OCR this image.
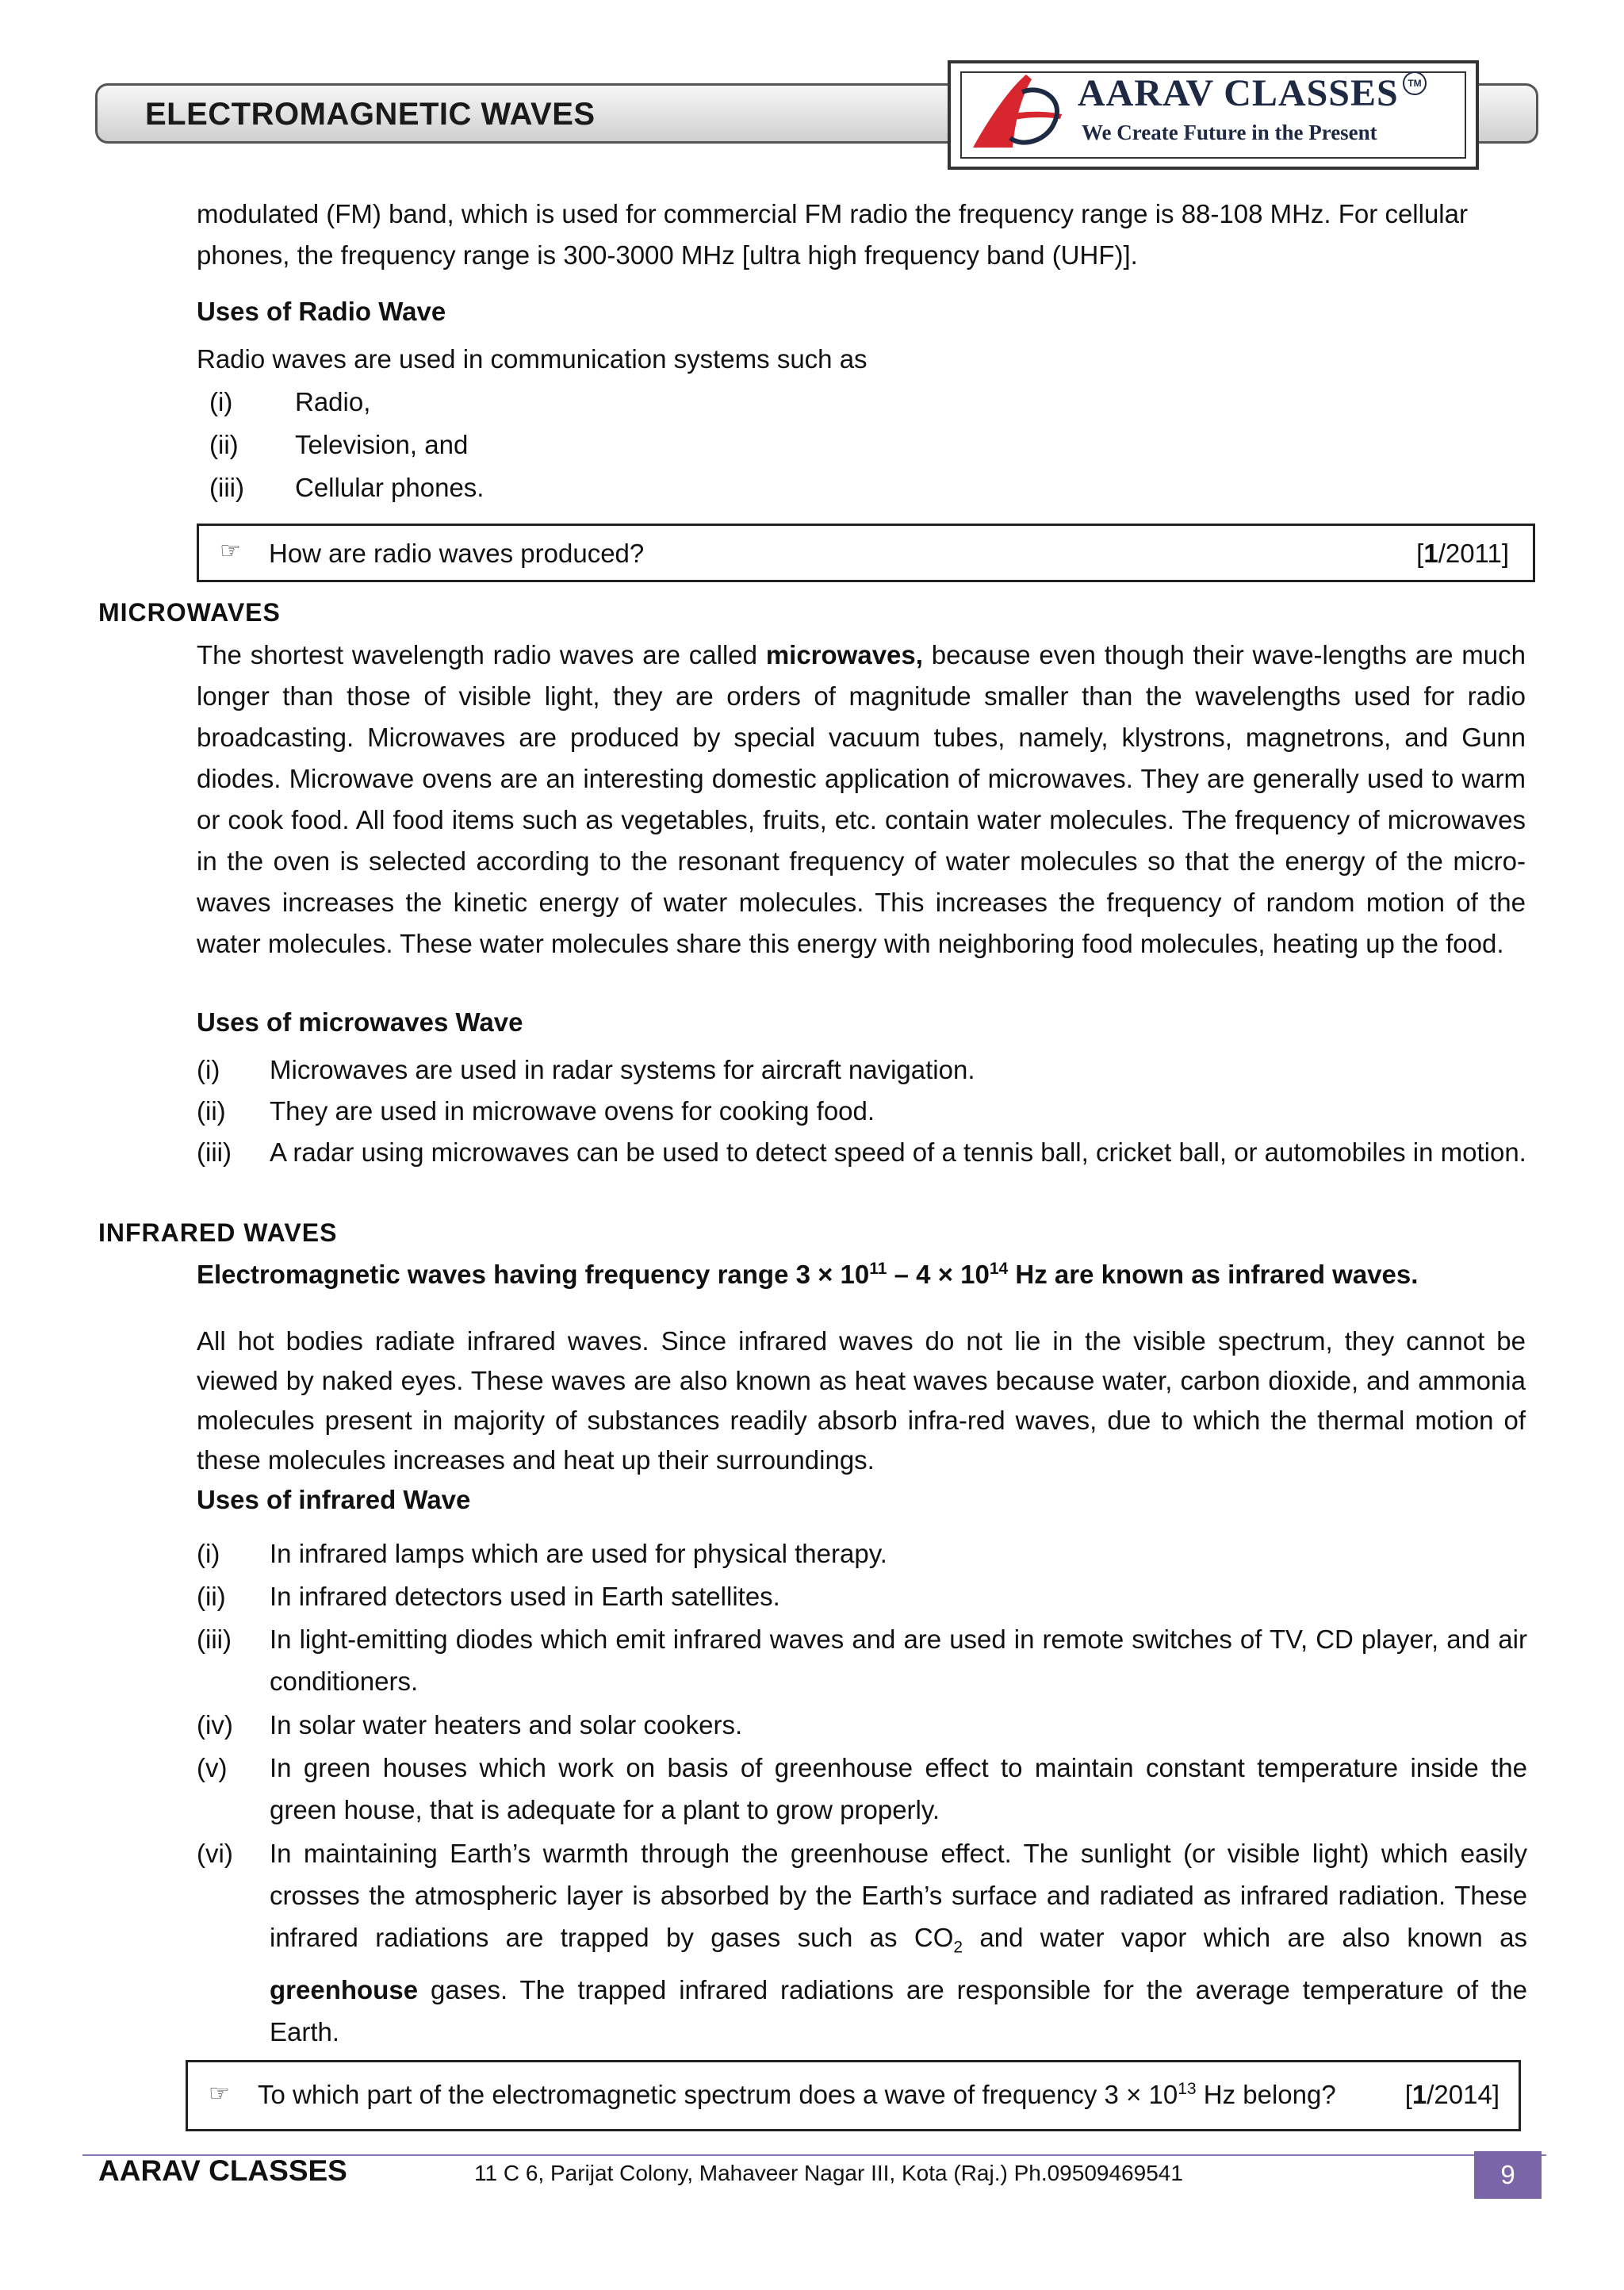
ELECTROMAGNETIC WAVES	AARAV CLASSES TM
We Create Future in the Present
modulated (FM) band, which is used for commercial FM radio the frequency range is 88-108 MHz. For cellular
phones, the frequency range is 300-3000 MHz [ultra high frequency band (UHF)].
Uses of Radio Wave
Radio waves are used in communication systems such as
(i) Radio,
(ii) Television, and
(iii) Cellular phones.
☞ How are radio waves produced?	[1/2011]
MICROWAVES
The shortest wavelength radio waves are called microwaves, because even though their wave-lengths are much longer than those of visible light, they are orders of magnitude smaller than the wavelengths used for radio broadcasting. Microwaves are produced by special vacuum tubes, namely, klystrons, magnetrons, and Gunn diodes. Microwave ovens are an interesting domestic application of microwaves. They are generally used to warm or cook food. All food items such as vegetables, fruits, etc. contain water molecules. The frequency of microwaves in the oven is selected according to the resonant frequency of water molecules so that the energy of the micro-waves increases the kinetic energy of water molecules. This increases the frequency of random motion of the water molecules. These water molecules share this energy with neighboring food molecules, heating up the food.
Uses of microwaves Wave
(i) Microwaves are used in radar systems for aircraft navigation.
(ii) They are used in microwave ovens for cooking food.
(iii) A radar using microwaves can be used to detect speed of a tennis ball, cricket ball, or automobiles in motion.
INFRARED WAVES
Electromagnetic waves having frequency range $3 \times 10^{11} - 4 \times 10^{14}$ Hz are known as infrared waves.
All hot bodies radiate infrared waves. Since infrared waves do not lie in the visible spectrum, they cannot be viewed by naked eyes. These waves are also known as heat waves because water, carbon dioxide, and ammonia molecules present in majority of substances readily absorb infra-red waves, due to which the thermal motion of these molecules increases and heat up their surroundings.
Uses of infrared Wave
(i) In infrared lamps which are used for physical therapy.
(ii) In infrared detectors used in Earth satellites.
(iii) In light-emitting diodes which emit infrared waves and are used in remote switches of TV, CD player, and air conditioners.
(iv) In solar water heaters and solar cookers.
(v) In green houses which work on basis of greenhouse effect to maintain constant temperature inside the green house, that is adequate for a plant to grow properly.
(vi) In maintaining Earth’s warmth through the greenhouse effect. The sunlight (or visible light) which easily crosses the atmospheric layer is absorbed by the Earth’s surface and radiated as infrared radiation. These infrared radiations are trapped by gases such as $CO_2$ and water vapor which are also known as greenhouse gases. The trapped infrared radiations are responsible for the average temperature of the Earth.
☞ To which part of the electromagnetic spectrum does a wave of frequency $3 \times 10^{13}$ Hz belong?	[1/2014]
AARAV CLASSES	11 C 6, Parijat Colony, Mahaveer Nagar III, Kota (Raj.) Ph.09509469541	9
